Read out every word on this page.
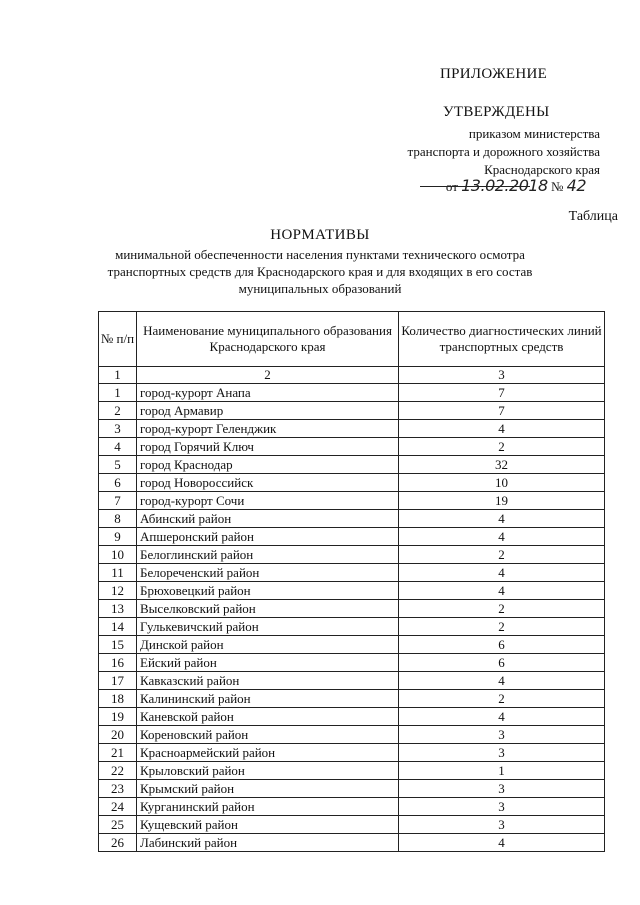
ПРИЛОЖЕНИЕ
УТВЕРЖДЕНЫ
приказом министерства
транспорта и дорожного хозяйства
Краснодарского края
от 13.02.2018 № 42
Таблица
НОРМАТИВЫ
минимальной обеспеченности населения пунктами технического осмотра транспортных средств для Краснодарского края и для входящих в его состав муниципальных образований
№ п/п	Наименование муниципального образования Краснодарского края	Количество диагностических линий транспортных средств
1	2	3
1	город-курорт Анапа	7
2	город Армавир	7
3	город-курорт Геленджик	4
4	город Горячий Ключ	2
5	город Краснодар	32
6	город Новороссийск	10
7	город-курорт Сочи	19
8	Абинский район	4
9	Апшеронский район	4
10	Белоглинский район	2
11	Белореченский район	4
12	Брюховецкий район	4
13	Выселковский район	2
14	Гулькевичский район	2
15	Динской район	6
16	Ейский район	6
17	Кавказский район	4
18	Калининский район	2
19	Каневской район	4
20	Кореновский район	3
21	Красноармейский район	3
22	Крыловский район	1
23	Крымский район	3
24	Курганинский район	3
25	Кущевский район	3
26	Лабинский район	4
